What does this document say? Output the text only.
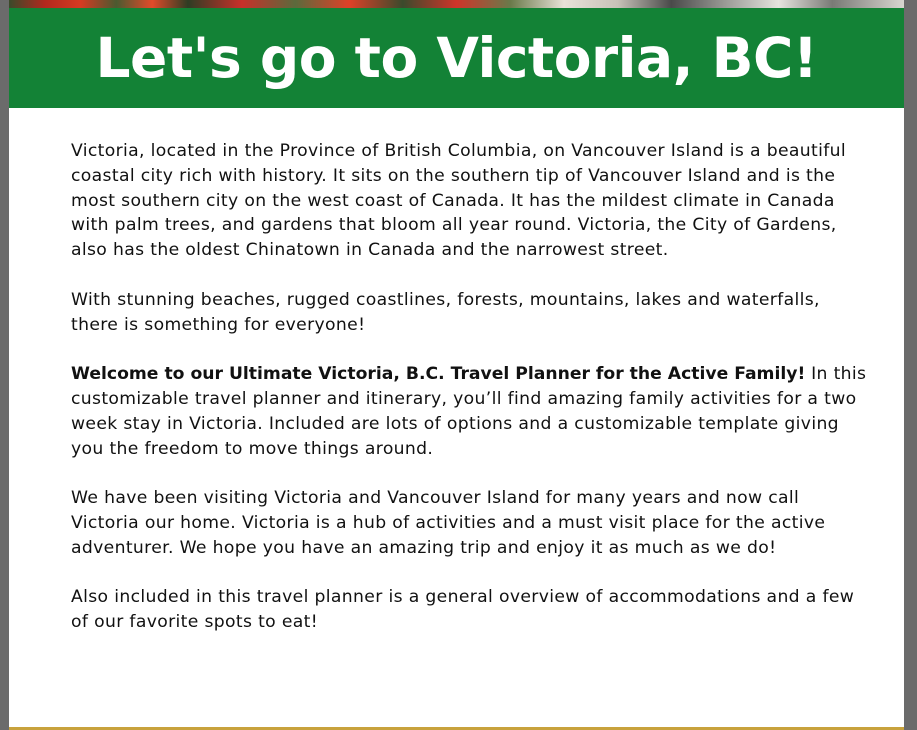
Let's go to Victoria, BC!

Victoria, located in the Province of British Columbia, on Vancouver Island is a beautiful coastal city rich with history. It sits on the southern tip of Vancouver Island and is the most southern city on the west coast of Canada. It has the mildest climate in Canada with palm trees, and gardens that bloom all year round. Victoria, the City of Gardens, also has the oldest Chinatown in Canada and the narrowest street.

With stunning beaches, rugged coastlines, forests, mountains, lakes and waterfalls, there is something for everyone!

Welcome to our Ultimate Victoria, B.C. Travel Planner for the Active Family! In this customizable travel planner and itinerary, you’ll find amazing family activities for a two week stay in Victoria. Included are lots of options and a customizable template giving you the freedom to move things around.

We have been visiting Victoria and Vancouver Island for many years and now call Victoria our home. Victoria is a hub of activities and a must visit place for the active adventurer. We hope you have an amazing trip and enjoy it as much as we do!

Also included in this travel planner is a general overview of accommodations and a few of our favorite spots to eat!
